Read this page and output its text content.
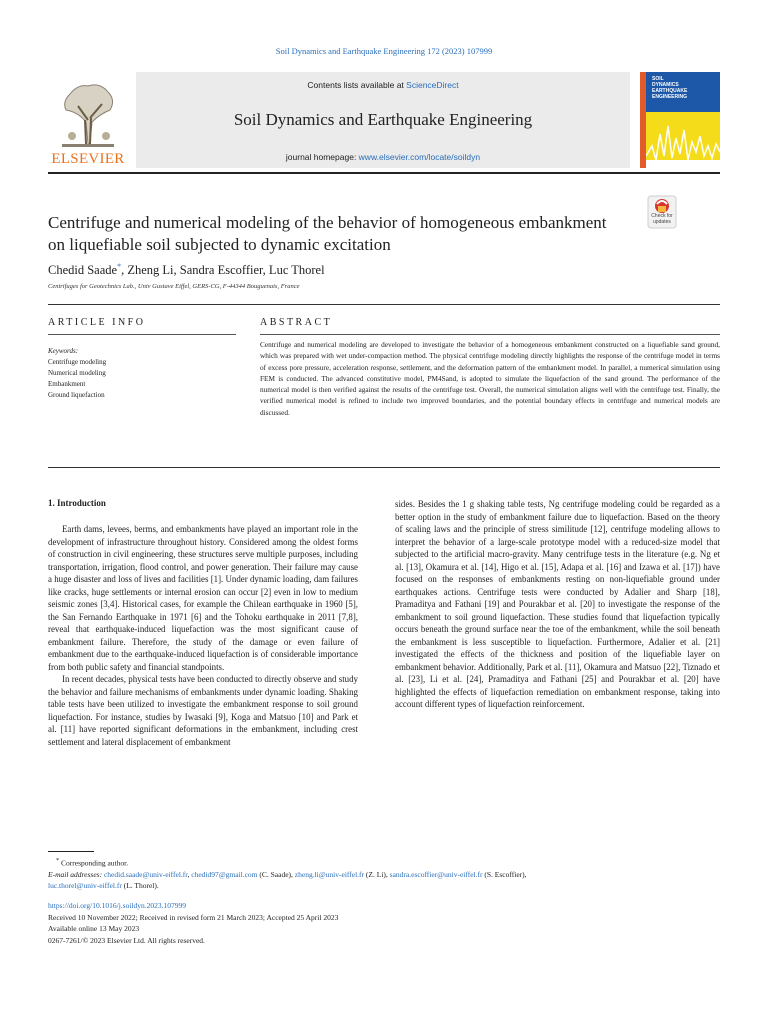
Soil Dynamics and Earthquake Engineering 172 (2023) 107999
ELSEVIER
Contents lists available at ScienceDirect
Soil Dynamics and Earthquake Engineering
journal homepage: www.elsevier.com/locate/soildyn
SOIL
DYNAMICS
EARTHQUAKE
ENGINEERING
Centrifuge and numerical modeling of the behavior of homogeneous embankment on liquefiable soil subjected to dynamic excitation
Check for updates
Chedid Saade*, Zheng Li, Sandra Escoffier, Luc Thorel
Centrifuges for Geotechnics Lab., Univ Gustave Eiffel, GERS-CG, F-44344 Bouguenais, France
ARTICLE INFO
Keywords:
Centrifuge modeling
Numerical modeling
Embankment
Ground liquefaction
ABSTRACT
Centrifuge and numerical modeling are developed to investigate the behavior of a homogeneous embankment constructed on a liquefiable sand ground, which was prepared with wet under-compaction method. The physical centrifuge modeling directly highlights the response of the centrifuge model in terms of excess pore pressure, acceleration response, settlement, and the deformation pattern of the embankment model. In parallel, a numerical simulation using FEM is conducted. The advanced constitutive model, PM4Sand, is adopted to simulate the liquefaction of the sand ground. The performance of the numerical model is then verified against the results of the centrifuge test. Overall, the numerical simulation aligns well with the centrifuge test. Finally, the verified numerical model is refined to include two improved boundaries, and the potential boundary effects in centrifuge and numerical models are discussed.
1. Introduction

Earth dams, levees, berms, and embankments have played an important role in the development of infrastructure throughout history. Considered among the oldest forms of construction in civil engineering, these structures serve multiple purposes, including transportation, irrigation, flood control, and power generation. Their failure may cause a huge disaster and loss of lives and facilities [1]. Under dynamic loading, dam failures like cracks, huge settlements or internal erosion can occur [2] even in low to medium seismic zones [3,4]. Historical cases, for example the Chilean earthquake in 1960 [5], the San Fernando Earthquake in 1971 [6] and the Tohoku earthquake in 2011 [7,8], reveal that earthquake-induced liquefaction was the most significant cause of embankment failure. Therefore, the study of the damage or even failure of embankment due to the earthquake-induced liquefaction is of considerable importance from both public safety and financial standpoints.

In recent decades, physical tests have been conducted to directly observe and study the behavior and failure mechanisms of embankments under dynamic loading. Shaking table tests have been utilized to investigate the embankment response to soil ground liquefaction. For instance, studies by Iwasaki [9], Koga and Matsuo [10] and Park et al. [11] have reported significant deformations in the embankment, including crest settlement and lateral displacement of embankment

sides. Besides the 1 g shaking table tests, Ng centrifuge modeling could be regarded as a better option in the study of embankment failure due to liquefaction. Based on the theory of scaling laws and the principle of stress similitude [12], centrifuge modeling allows to interpret the behavior of a large-scale prototype model with a reduced-size model that subjected to the artificial macro-gravity. Many centrifuge tests in the literature (e.g. Ng et al. [13], Okamura et al. [14], Higo et al. [15], Adapa et al. [16] and Izawa et al. [17]) have focused on the responses of embankments resting on non-liquefiable ground under earthquakes actions. Centrifuge tests were conducted by Adalier and Sharp [18], Pramaditya and Fathani [19] and Pourakbar et al. [20] to investigate the response of the embankment to soil ground liquefaction. These studies found that liquefaction typically occurs beneath the ground surface near the toe of the embankment, while the soil beneath the embankment is less susceptible to liquefaction. Furthermore, Adalier et al. [21] investigated the effects of the thickness and position of the liquefiable layer on embankment behavior. Additionally, Park et al. [11], Okamura and Matsuo [22], Tiznado et al. [23], Li et al. [24], Pramaditya and Fathani [25] and Pourakbar et al. [20] have highlighted the effects of liquefaction remediation on embankment response, taking into account different types of liquefaction reinforcement.

* Corresponding author.
E-mail addresses: chedid.saade@univ-eiffel.fr, chedid97@gmail.com (C. Saade), zheng.li@univ-eiffel.fr (Z. Li), sandra.escoffier@univ-eiffel.fr (S. Escoffier),
luc.thorel@univ-eiffel.fr (L. Thorel).
https://doi.org/10.1016/j.soildyn.2023.107999
Received 10 November 2022; Received in revised form 21 March 2023; Accepted 25 April 2023
Available online 13 May 2023
0267-7261/© 2023 Elsevier Ltd. All rights reserved.
